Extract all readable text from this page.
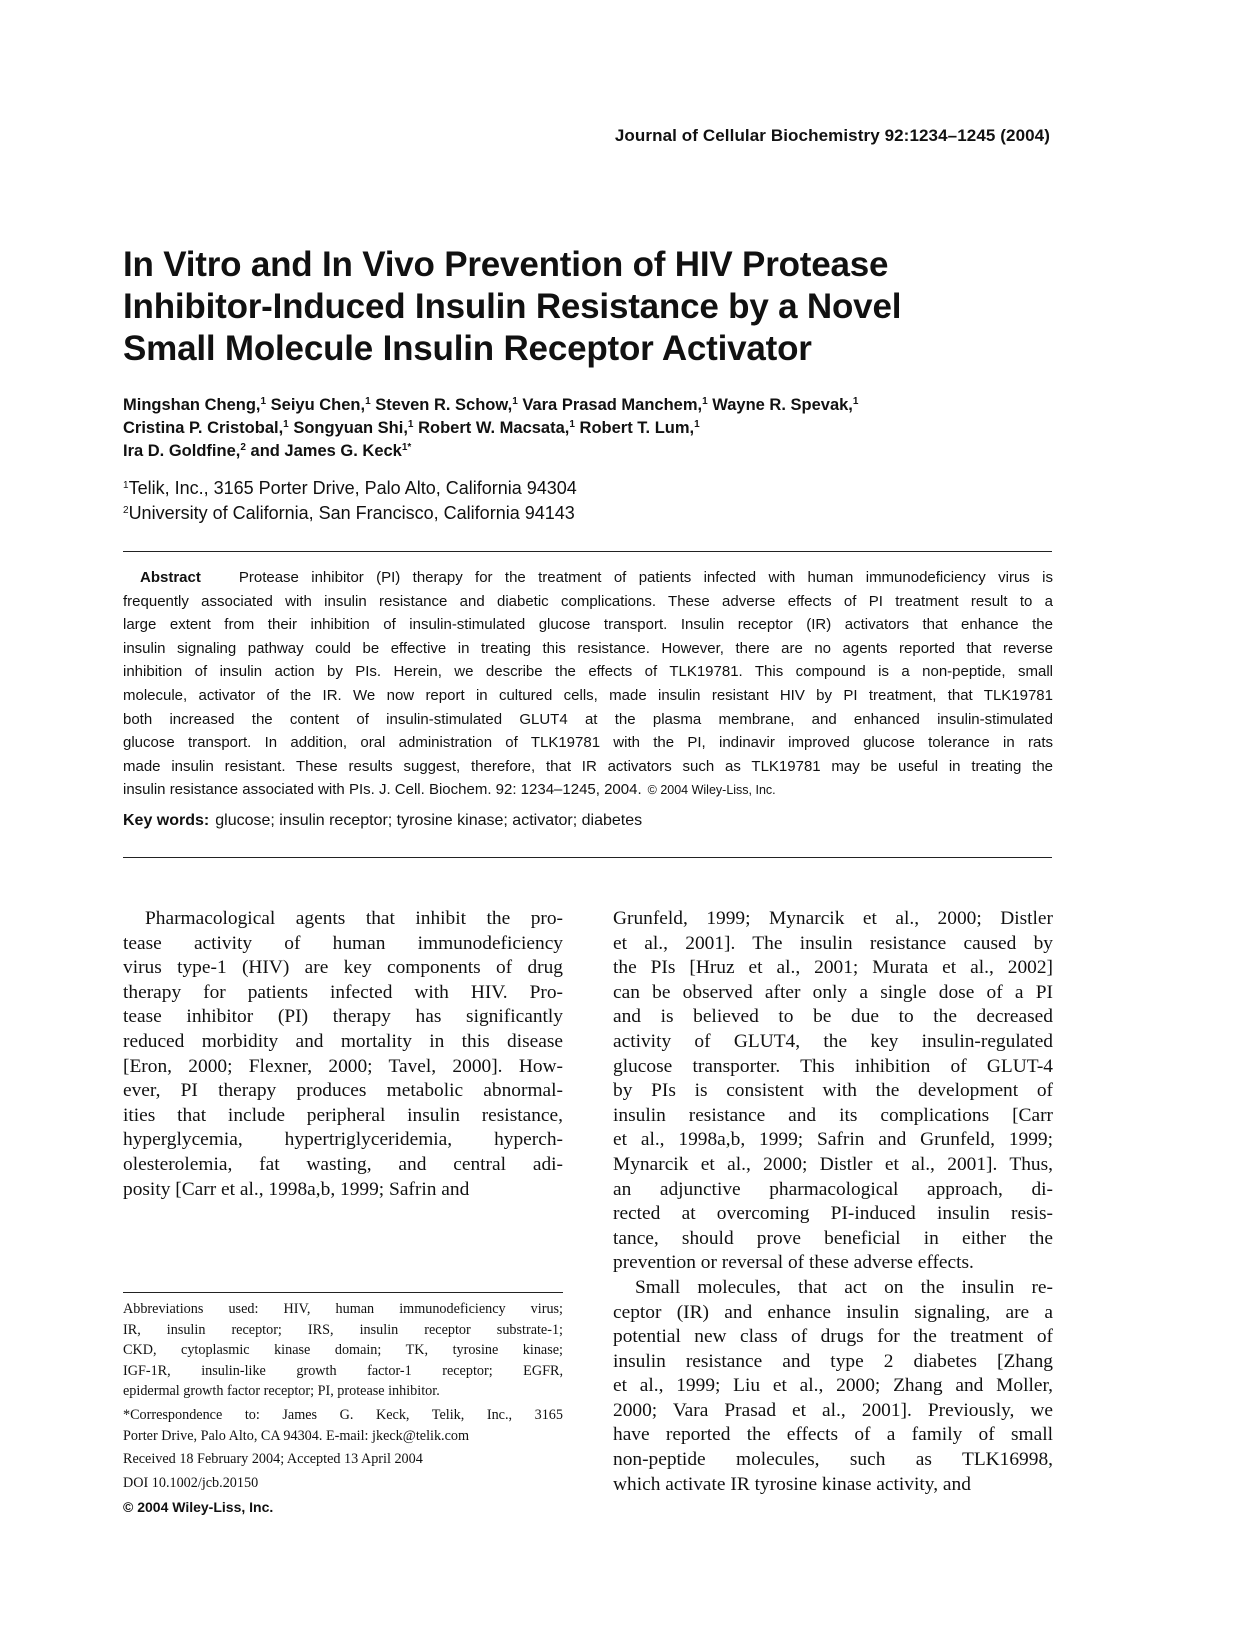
Journal of Cellular Biochemistry 92:1234–1245 (2004)
In Vitro and In Vivo Prevention of HIV Protease
Inhibitor-Induced Insulin Resistance by a Novel
Small Molecule Insulin Receptor Activator
Mingshan Cheng,$^1$ Seiyu Chen,$^1$ Steven R. Schow,$^1$ Vara Prasad Manchem,$^1$ Wayne R. Spevak,$^1$
Cristina P. Cristobal,$^1$ Songyuan Shi,$^1$ Robert W. Macsata,$^1$ Robert T. Lum,$^1$
Ira D. Goldfine,$^2$ and James G. Keck$^{1*}$
$^1$Telik, Inc., 3165 Porter Drive, Palo Alto, California 94304
$^2$University of California, San Francisco, California 94143
Abstract	Protease inhibitor (PI) therapy for the treatment of patients infected with human immunodeficiency virus is
frequently associated with insulin resistance and diabetic complications. These adverse effects of PI treatment result to a
large extent from their inhibition of insulin-stimulated glucose transport. Insulin receptor (IR) activators that enhance the
insulin signaling pathway could be effective in treating this resistance. However, there are no agents reported that reverse
inhibition of insulin action by PIs. Herein, we describe the effects of TLK19781. This compound is a non-peptide, small
molecule, activator of the IR. We now report in cultured cells, made insulin resistant HIV by PI treatment, that TLK19781
both increased the content of insulin-stimulated GLUT4 at the plasma membrane, and enhanced insulin-stimulated
glucose transport. In addition, oral administration of TLK19781 with the PI, indinavir improved glucose tolerance in rats
made insulin resistant. These results suggest, therefore, that IR activators such as TLK19781 may be useful in treating the
insulin resistance associated with PIs. J. Cell. Biochem. 92: 1234–1245, 2004. © 2004 Wiley-Liss, Inc.
Key words: glucose; insulin receptor; tyrosine kinase; activator; diabetes
Pharmacological agents that inhibit the pro-
tease activity of human immunodeficiency
virus type-1 (HIV) are key components of drug
therapy for patients infected with HIV. Pro-
tease inhibitor (PI) therapy has significantly
reduced morbidity and mortality in this disease
[Eron, 2000; Flexner, 2000; Tavel, 2000]. How-
ever, PI therapy produces metabolic abnormal-
ities that include peripheral insulin resistance,
hyperglycemia, hypertriglyceridemia, hyperch-
olesterolemia, fat wasting, and central adi-
posity [Carr et al., 1998a,b, 1999; Safrin and
Grunfeld, 1999; Mynarcik et al., 2000; Distler
et al., 2001]. The insulin resistance caused by
the PIs [Hruz et al., 2001; Murata et al., 2002]
can be observed after only a single dose of a PI
and is believed to be due to the decreased
activity of GLUT4, the key insulin-regulated
glucose transporter. This inhibition of GLUT-4
by PIs is consistent with the development of
insulin resistance and its complications [Carr
et al., 1998a,b, 1999; Safrin and Grunfeld, 1999;
Mynarcik et al., 2000; Distler et al., 2001]. Thus,
an adjunctive pharmacological approach, di-
rected at overcoming PI-induced insulin resis-
tance, should prove beneficial in either the
prevention or reversal of these adverse effects.
Small molecules, that act on the insulin re-
ceptor (IR) and enhance insulin signaling, are a
potential new class of drugs for the treatment of
insulin resistance and type 2 diabetes [Zhang
et al., 1999; Liu et al., 2000; Zhang and Moller,
2000; Vara Prasad et al., 2001]. Previously, we
have reported the effects of a family of small
non-peptide molecules, such as TLK16998,
which activate IR tyrosine kinase activity, and
Abbreviations used: HIV, human immunodeficiency virus;
IR, insulin receptor; IRS, insulin receptor substrate-1;
CKD, cytoplasmic kinase domain; TK, tyrosine kinase;
IGF-1R, insulin-like growth factor-1 receptor; EGFR,
epidermal growth factor receptor; PI, protease inhibitor.
*Correspondence to: James G. Keck, Telik, Inc., 3165
Porter Drive, Palo Alto, CA 94304. E-mail: jkeck@telik.com
Received 18 February 2004; Accepted 13 April 2004
DOI 10.1002/jcb.20150
© 2004 Wiley-Liss, Inc.
